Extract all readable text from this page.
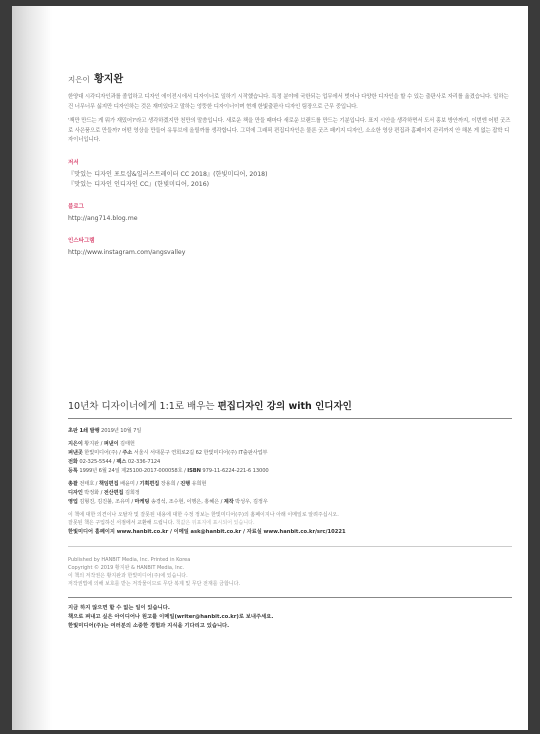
지은이 황지완

한양대 시각디자인과를 졸업하고 디자인 에이전시에서 디자이너로 일하기 시작했습니다. 특정 분야에 국한되는 업무에서 벗어나 다양한 디자인을 할 수 있는 출판사로 자리를 옮겼습니다. 일하는 건 너무너무 싫지만 디자인하는 것은 재미있다고 말하는 엉뚱한 디자이너이며 현재 한빛출판사 디자인 팀장으로 근무 중입니다.

'책만 만드는 게 뭐가 재밌어?'라고 생각하겠지만 천만의 말씀입니다. 새로운 책을 만들 때마다 새로운 브랜드를 만드는 기분입니다. 표지 시안을 생각하면서 도서 홍보 방안까지, 이번엔 어떤 굿즈로 사은품으로 만들까? 어떤 영상을 만들어 유튜브에 올릴까를 생각합니다. 그덕에 그래픽 편집디자인은 물론 굿즈 패키지 디자인, 소소한 영상 편집과 홈페이지 관리까지 안 해본 게 없는 잡학 디자이너입니다.

저서
『맛있는 디자인 포토샵&일러스트레이터 CC 2018』(한빛미디어, 2018)
『맛있는 디자인 인디자인 CC』(한빛미디어, 2016)
블로그
http://ang714.blog.me
인스타그램
http://www.instagram.com/angsvalley
10년차 디자이너에게 1:1로 배우는 편집디자인 강의 with 인디자인
초판 1쇄 발행 2019년 10월 7일
지은이 황지완 / 펴낸이 김태헌
펴낸곳 한빛미디어(주) / 주소 서울시 서대문구 연희로2길 62 한빛미디어(주) IT출판사업부
전화 02-325-5544 / 팩스 02-336-7124
등록 1999년 6월 24일 제25100-2017-000058호 / ISBN 979-11-6224-221-6 13000
총괄 전태호 / 책임편집 배윤미 / 기획편집 장용희 / 진행 유희현
디자인 박정화 / 전산편집 김희정
영업 김형진, 김진불, 조유미 / 마케팅 송경석, 조수현, 이행은, 홍혜은 / 제작 박성우, 김정우
이 책에 대한 의견이나 오탈자 및 잘못된 내용에 대한 수정 정보는 한빛미디어(주)의 홈페이지나 아래 이메일로 알려주십시오.
잘못된 책은 구입하신 서점에서 교환해 드립니다. 책값은 뒤표지에 표시되어 있습니다.
한빛미디어 홈페이지 www.hanbit.co.kr / 이메일 ask@hanbit.co.kr / 자료실 www.hanbit.co.kr/src/10221
Published by HANBIT Media, Inc. Printed in Korea
Copyright © 2019 황지완 & HANBIT Media, Inc.
이 책의 저작권은 황지완과 한빛미디어(주)에 있습니다.
저작권법에 의해 보호를 받는 저작물이므로 무단 복제 및 무단 전재를 금합니다.
지금 하지 않으면 할 수 없는 일이 있습니다.
책으로 펴내고 싶은 아이디어나 원고를 이메일(writer@hanbit.co.kr)로 보내주세요.
한빛미디어(주)는 여러분의 소중한 경험과 지식을 기다리고 있습니다.
